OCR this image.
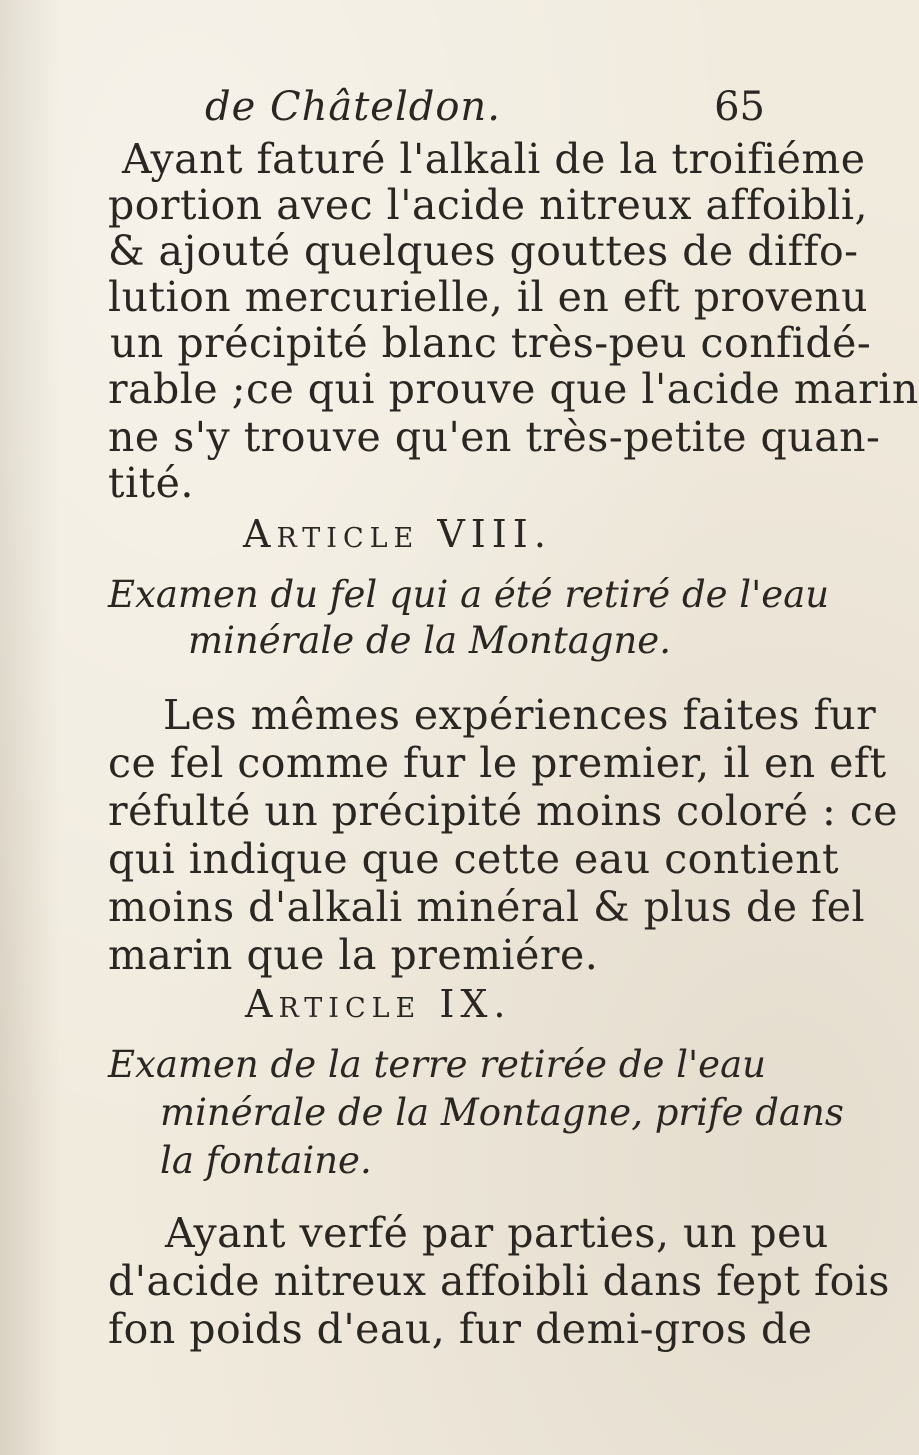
de Châteldon.	65
Ayant faturé l'alkali de la troifiéme
portion avec l'acide nitreux affoibli,
& ajouté quelques gouttes de diffo-
lution mercurielle, il en eft provenu
un précipité blanc très-peu confidé-
rable ;ce qui prouve que l'acide marin
ne s'y trouve qu'en très-petite quan-
tité.
Article VIII.
Examen du fel qui a été retiré de l'eau
minérale de la Montagne.
Les mêmes expériences faites fur
ce fel comme fur le premier, il en eft
réfulté un précipité moins coloré : ce
qui indique que cette eau contient
moins d'alkali minéral & plus de fel
marin que la premiére.
Article IX.
Examen de la terre retirée de l'eau
minérale de la Montagne, prife dans
la fontaine.
Ayant verfé par parties, un peu
d'acide nitreux affoibli dans fept fois
fon poids d'eau, fur demi-gros de
